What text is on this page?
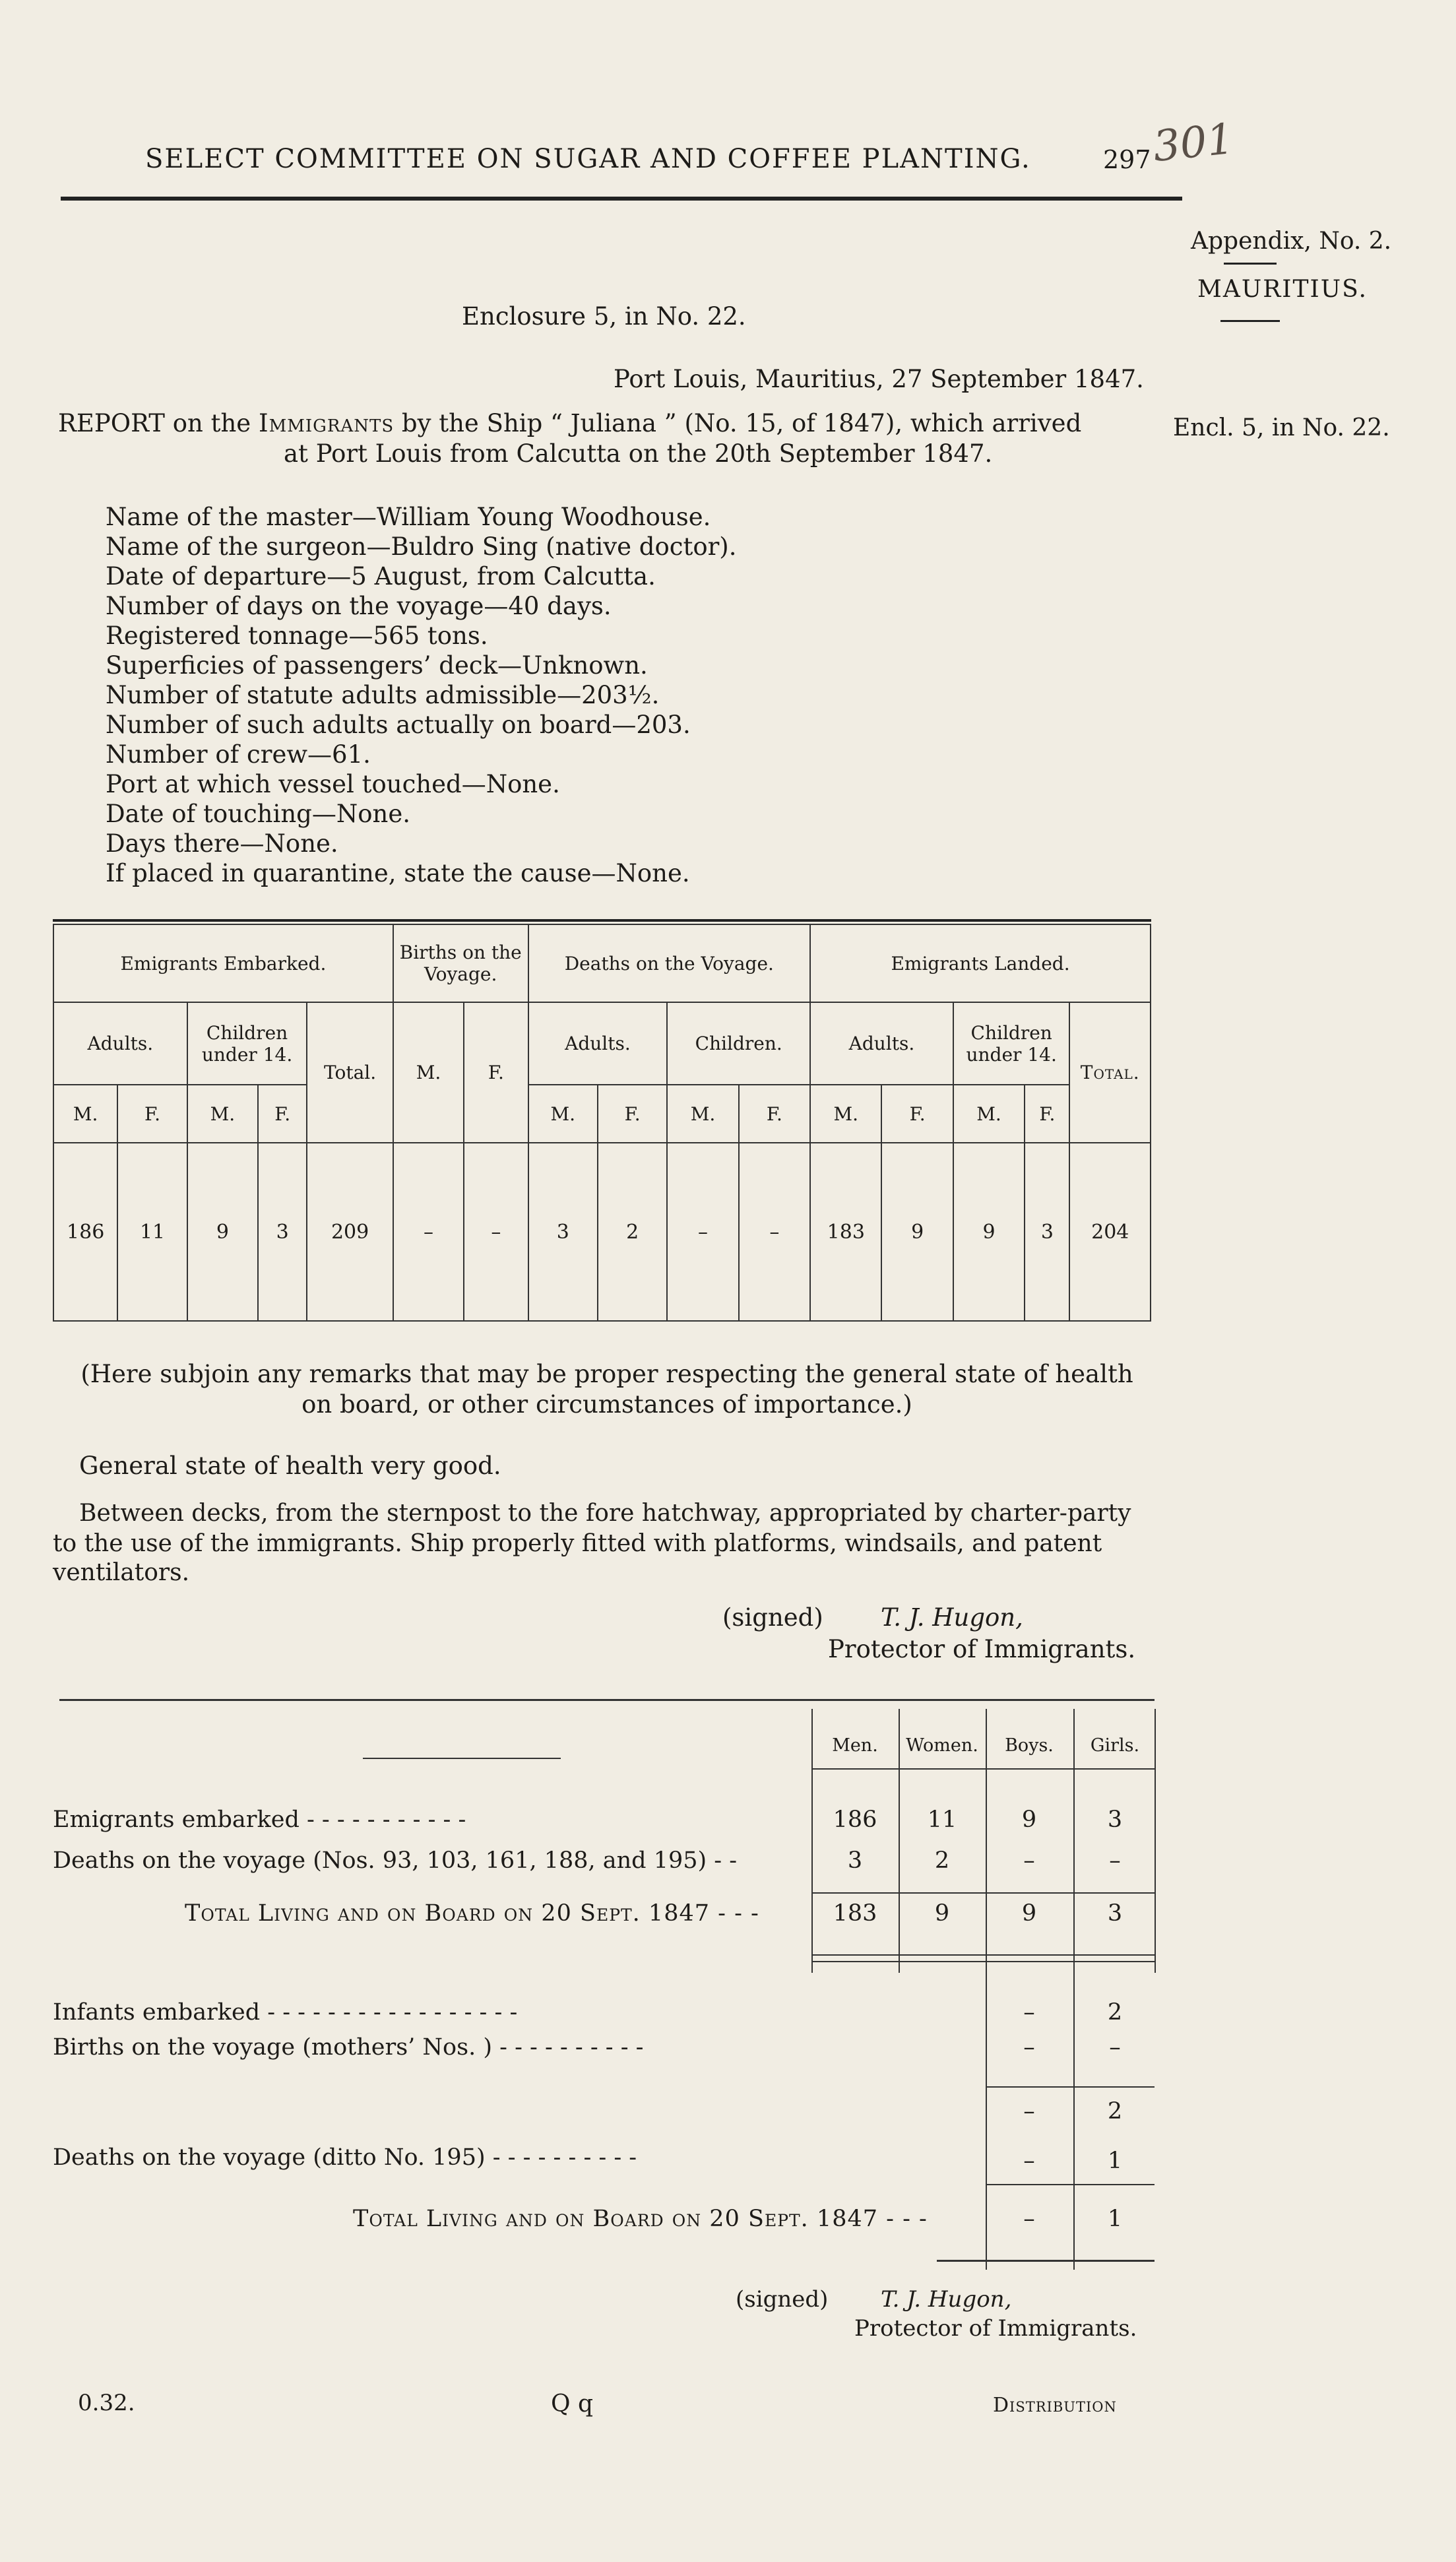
SELECT COMMITTEE ON SUGAR AND COFFEE PLANTING.	297 301
Appendix, No. 2.
MAURITIUS.
Encl. 5, in No. 22.
Enclosure 5, in No. 22.
Port Louis, Mauritius, 27 September 1847.
REPORT on the Immigrants by the Ship “ Juliana ” (No. 15, of 1847), which arrived
at Port Louis from Calcutta on the 20th September 1847.
Name of the master—William Young Woodhouse.
Name of the surgeon—Buldro Sing (native doctor).
Date of departure—5 August, from Calcutta.
Number of days on the voyage—40 days.
Registered tonnage—565 tons.
Superficies of passengers’ deck—Unknown.
Number of statute adults admissible—203½.
Number of such adults actually on board—203.
Number of crew—61.
Port at which vessel touched—None.
Date of touching—None.
Days there—None.
If placed in quarantine, state the cause—None.
Emigrants Embarked.					Births on the Voyage.		Deaths on the Voyage.				Emigrants Landed.				
Adults.		Children under 14.		Total.	M.	F.	Adults.		Children.		Adults.		Children under 14.		Total.
M.	F.	M.	F.				M.	F.	M.	F.	M.	F.	M.	F.	
186	11	9	3	209	–	–	3	2	–	–	183	9	9	3	204
(Here subjoin any remarks that may be proper respecting the general state of health on board, or other circumstances of importance.)
General state of health very good.
Between decks, from the sternpost to the fore hatchway, appropriated by charter-party
to the use of the immigrants. Ship properly fitted with platforms, windsails, and patent
ventilators.
(signed) T. J. Hugon,
Protector of Immigrants.
Men.	Women.	Boys.	Girls.
Emigrants embarked - - - - - - - - - - -	186	11	9	3
Deaths on the voyage (Nos. 93, 103, 161, 188, and 195) - -	3	2	–	–
Total Living and on Board on 20 Sept. 1847 - - -	183	9	9	3
Infants embarked - - - - - - - - - - - - - - - - -	–	2
Births on the voyage (mothers’ Nos. ) - - - - - - - - - -	–	–
–	2
Deaths on the voyage (ditto No. 195) - - - - - - - - - -	–	1
Total Living and on Board on 20 Sept. 1847 - - -	–	1
(signed) T. J. Hugon,
Protector of Immigrants.
0.32.	Q q	Distribution
